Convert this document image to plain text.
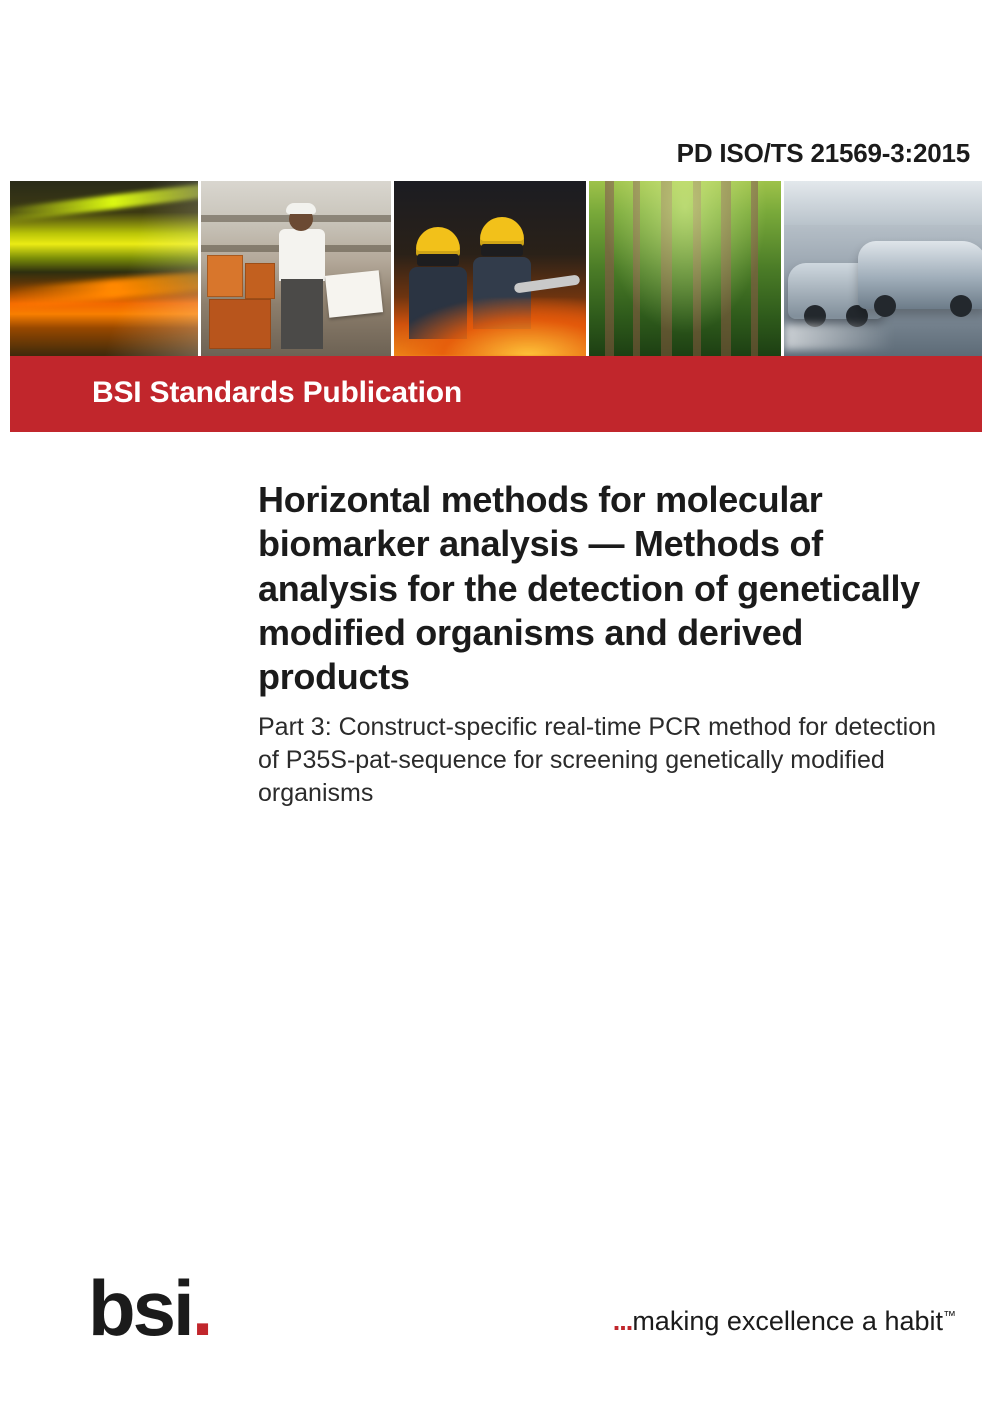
PD ISO/TS 21569-3:2015
BSI Standards Publication
Horizontal methods for molecular biomarker analysis — Methods of analysis for the detection of genetically modified organisms and derived products
Part 3: Construct-specific real-time PCR method for detection of P35S-pat-sequence for screening genetically modified organisms
bsi.	...making excellence a habit™
